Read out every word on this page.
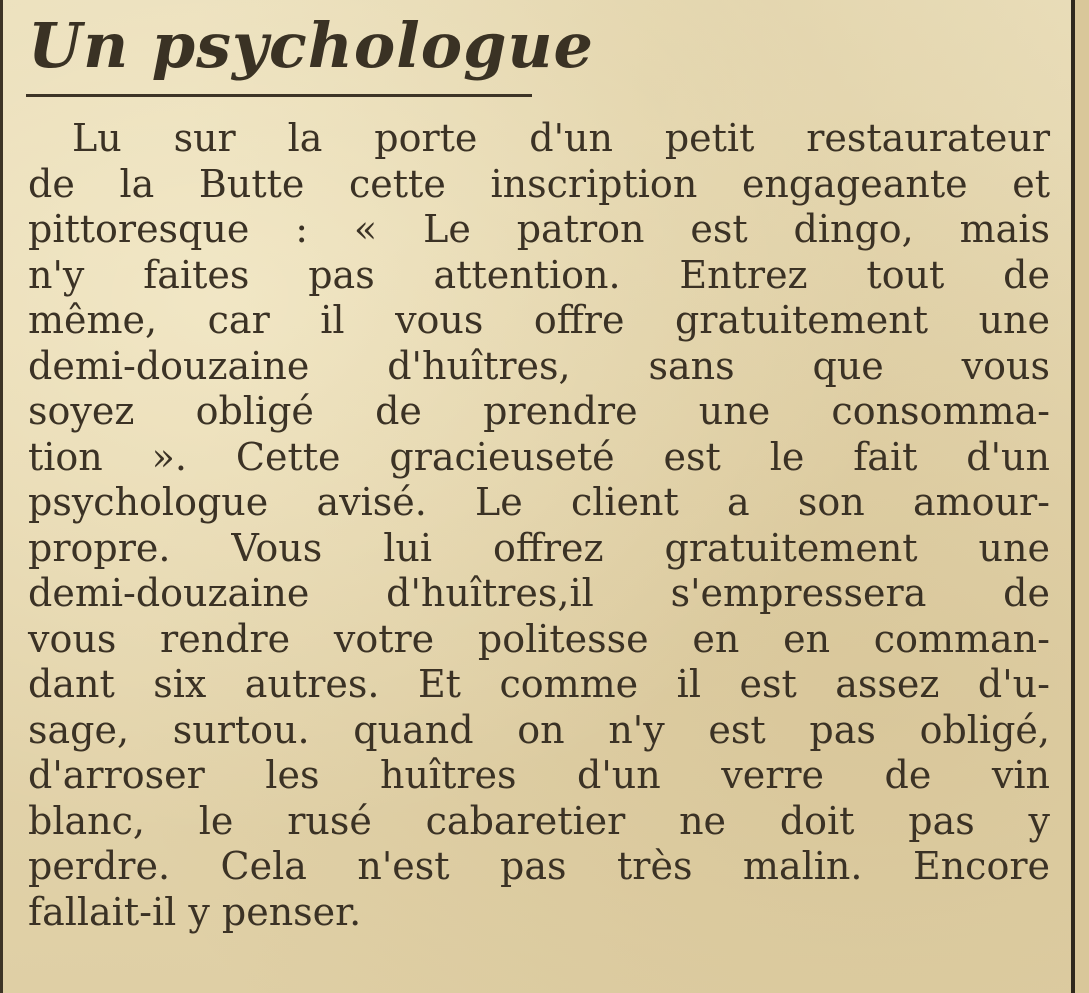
Un psychologue
Lu sur la porte d'un petit restaurateur
de la Butte cette inscription engageante et
pittoresque : « Le patron est dingo, mais
n'y faites pas attention. Entrez tout de
même, car il vous offre gratuitement une
demi-douzaine d'huîtres, sans que vous
soyez obligé de prendre une consomma-
tion ». Cette gracieuseté est le fait d'un
psychologue avisé. Le client a son amour-
propre. Vous lui offrez gratuitement une
demi-douzaine d'huîtres,il s'empressera de
vous rendre votre politesse en en comman-
dant six autres. Et comme il est assez d'u-
sage, surtou. quand on n'y est pas obligé,
d'arroser les huîtres d'un verre de vin
blanc, le rusé cabaretier ne doit pas y
perdre. Cela n'est pas très malin. Encore
fallait-il y penser.
